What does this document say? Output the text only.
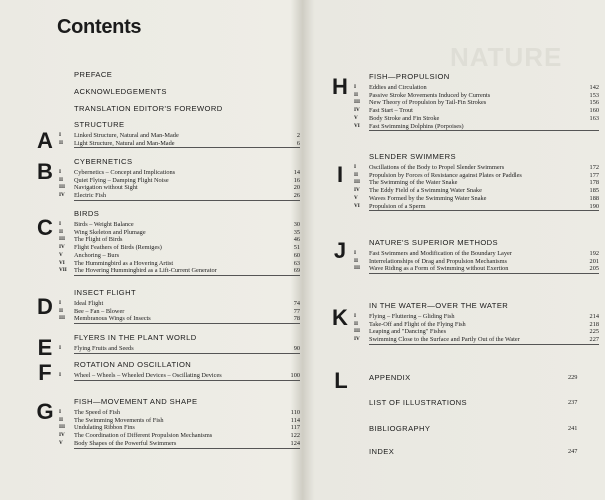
Contents
NATURE
PREFACE
ACKNOWLEDGEMENTS
TRANSLATION EDITOR'S FOREWORD
A
STRUCTURE
I	Linked Structure, Natural and Man-Made	2
II	Light Structure, Natural and Man-Made	6
B	CYBERNETICS
I	Cybernetics – Concept and Implications	14
II	Quiet Flying – Damping Flight Noise	16
III	Navigation without Sight	20
IV	Electric Fish	26
C
BIRDS
I	Birds – Weight Balance	30
II	Wing Skeleton and Plumage	35
III	The Flight of Birds	46
IV	Flight Feathers of Birds (Remiges)	51
V	Anchoring – Burs	60
VI	The Hummingbird as a Hovering Artist	63
VII	The Hovering Hummingbird as a Lift-Current Generator	69
D
INSECT FLIGHT
I	Ideal Flight	74
II	Bee – Fan – Blower	77
III	Membranous Wings of Insects	78
E	FLYERS IN THE PLANT WORLD
I	Flying Fruits and Seeds	90
F	ROTATION AND OSCILLATION
I	Wheel – Wheels – Wheeled Devices – Oscillating Devices	100
G	FISH—MOVEMENT AND SHAPE
I	The Speed of Fish	110
II	The Swimming Movements of Fish	114
III	Undulating Ribbon Fins	117
IV	The Coordination of Different Propulsion Mechanisms	122
V	Body Shapes of the Powerful Swimmers	124
H	FISH—PROPULSION
I	Eddies and Circulation	142
II	Passive Stroke Movements Induced by Currents	153
III	New Theory of Propulsion by Tail-Fin Strokes	156
IV	Fast Start – Trout	160
V	Body Stroke and Fin Stroke	163
VI	Fast Swimming Dolphins (Porpoises)
I
SLENDER SWIMMERS
I	Oscillations of the Body to Propel Slender Swimmers	172
II	Propulsion by Forces of Resistance against Plates or Paddles	177
III	The Swimming of the Water Snake	178
IV	The Eddy Field of a Swimming Water Snake	185
V	Waves Formed by the Swimming Water Snake	188
VI	Propulsion of a Sperm	190
J	NATURE'S SUPERIOR METHODS
I	Fast Swimmers and Modification of the Boundary Layer	192
II	Interrelationships of Drag and Propulsion Mechanisms	201
III	Wave Riding as a Form of Swimming without Exertion	205
K	IN THE WATER—OVER THE WATER
I	Flying – Fluttering – Gliding Fish	214
II	Take-Off and Flight of the Flying Fish	218
III	Leaping and "Dancing" Fishes	225
IV	Swimming Close to the Surface and Partly Out of the Water	227
L	APPENDIX	229
LIST OF ILLUSTRATIONS	237
BIBLIOGRAPHY	241
INDEX	247
